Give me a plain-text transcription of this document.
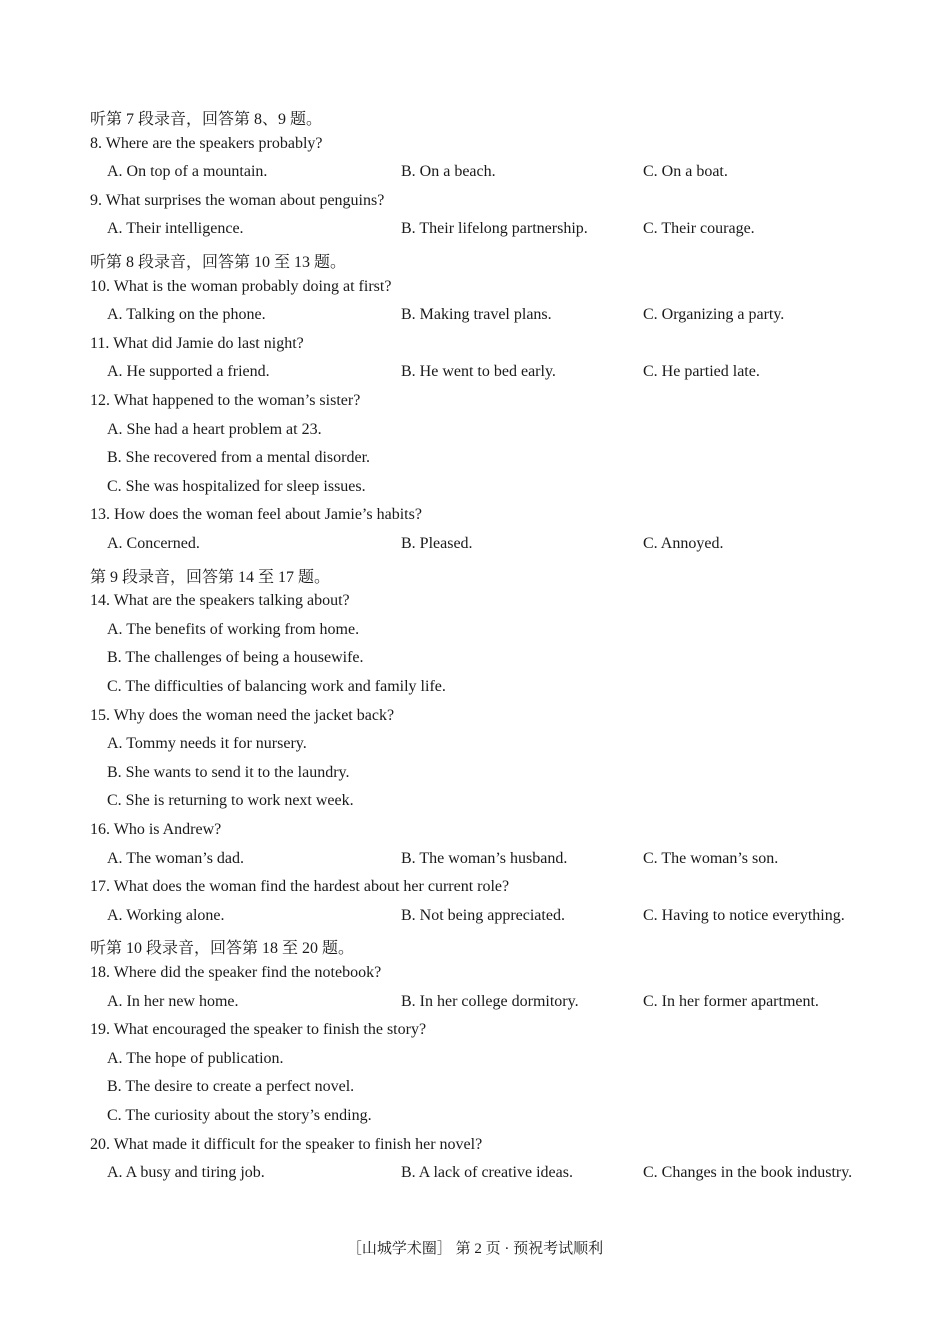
听第 7 段录音，回答第 8、9 题。
8. Where are the speakers probably?
A. On top of a mountain.	B. On a beach.	C. On a boat.
9. What surprises the woman about penguins?
A. Their intelligence.	B. Their lifelong partnership.	C. Their courage.
听第 8 段录音，回答第 10 至 13 题。
10. What is the woman probably doing at first?
A. Talking on the phone.	B. Making travel plans.	C. Organizing a party.
11. What did Jamie do last night?
A. He supported a friend.	B. He went to bed early.	C. He partied late.
12. What happened to the woman’s sister?
A. She had a heart problem at 23.
B. She recovered from a mental disorder.
C. She was hospitalized for sleep issues.
13. How does the woman feel about Jamie’s habits?
A. Concerned.	B. Pleased.	C. Annoyed.
第 9 段录音，回答第 14 至 17 题。
14. What are the speakers talking about?
A. The benefits of working from home.
B. The challenges of being a housewife.
C. The difficulties of balancing work and family life.
15. Why does the woman need the jacket back?
A. Tommy needs it for nursery.
B. She wants to send it to the laundry.
C. She is returning to work next week.
16. Who is Andrew?
A. The woman’s dad.	B. The woman’s husband.	C. The woman’s son.
17. What does the woman find the hardest about her current role?
A. Working alone.	B. Not being appreciated.	C. Having to notice everything.
听第 10 段录音，回答第 18 至 20 题。
18. Where did the speaker find the notebook?
A. In her new home.	B. In her college dormitory.	C. In her former apartment.
19. What encouraged the speaker to finish the story?
A. The hope of publication.
B. The desire to create a perfect novel.
C. The curiosity about the story’s ending.
20. What made it difficult for the speaker to finish her novel?
A. A busy and tiring job.	B. A lack of creative ideas.	C. Changes in the book industry.
［山城学术圈］ 第 2 页 · 预祝考试顺利
